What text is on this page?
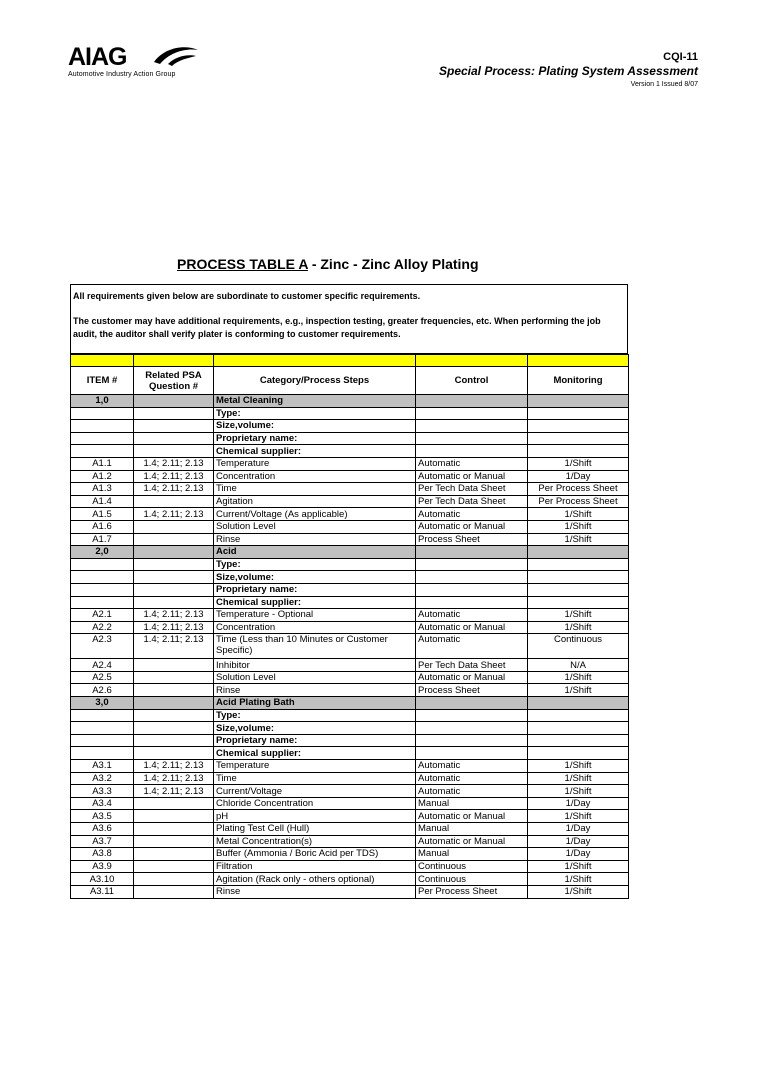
AIAG
Automotive Industry Action Group
CQI-11
Special Process: Plating System Assessment
Version 1 Issued 8/07
PROCESS TABLE A - Zinc - Zinc Alloy Plating

All requirements given below are subordinate to customer specific requirements.

The customer may have additional requirements, e.g., inspection testing, greater frequencies, etc. When performing the job audit, the auditor shall verify plater is conforming to customer requirements.

ITEM #	Related PSA Question #	Category/Process Steps	Control	Monitoring
1,0		Metal Cleaning		
		Type:		
		Size,volume:		
		Proprietary name:		
		Chemical supplier:		
A1.1	1.4; 2.11; 2.13	Temperature	Automatic	1/Shift
A1.2	1.4; 2.11; 2.13	Concentration	Automatic or Manual	1/Day
A1.3	1.4; 2.11; 2.13	Time	Per Tech Data Sheet	Per Process Sheet
A1.4		Agitation	Per Tech Data Sheet	Per Process Sheet
A1.5	1.4; 2.11; 2.13	Current/Voltage (As applicable)	Automatic	1/Shift
A1.6		Solution Level	Automatic or Manual	1/Shift
A1.7		Rinse	Process Sheet	1/Shift
2,0		Acid		
		Type:		
		Size,volume:		
		Proprietary name:		
		Chemical supplier:		
A2.1	1.4; 2.11; 2.13	Temperature - Optional	Automatic	1/Shift
A2.2	1.4; 2.11; 2.13	Concentration	Automatic or Manual	1/Shift
A2.3	1.4; 2.11; 2.13	Time (Less than 10 Minutes or Customer Specific)	Automatic	Continuous
A2.4		Inhibitor	Per Tech Data Sheet	N/A
A2.5		Solution Level	Automatic or Manual	1/Shift
A2.6		Rinse	Process Sheet	1/Shift
3,0		Acid Plating Bath		
		Type:		
		Size,volume:		
		Proprietary name:		
		Chemical supplier:		
A3.1	1.4; 2.11; 2.13	Temperature	Automatic	1/Shift
A3.2	1.4; 2.11; 2.13	Time	Automatic	1/Shift
A3.3	1.4; 2.11; 2.13	Current/Voltage	Automatic	1/Shift
A3.4		Chloride Concentration	Manual	1/Day
A3.5		pH	Automatic or Manual	1/Shift
A3.6		Plating Test Cell (Hull)	Manual	1/Day
A3.7		Metal Concentration(s)	Automatic or Manual	1/Day
A3.8		Buffer (Ammonia / Boric Acid per TDS)	Manual	1/Day
A3.9		Filtration	Continuous	1/Shift
A3.10		Agitation (Rack only - others optional)	Continuous	1/Shift
A3.11		Rinse	Per Process Sheet	1/Shift
